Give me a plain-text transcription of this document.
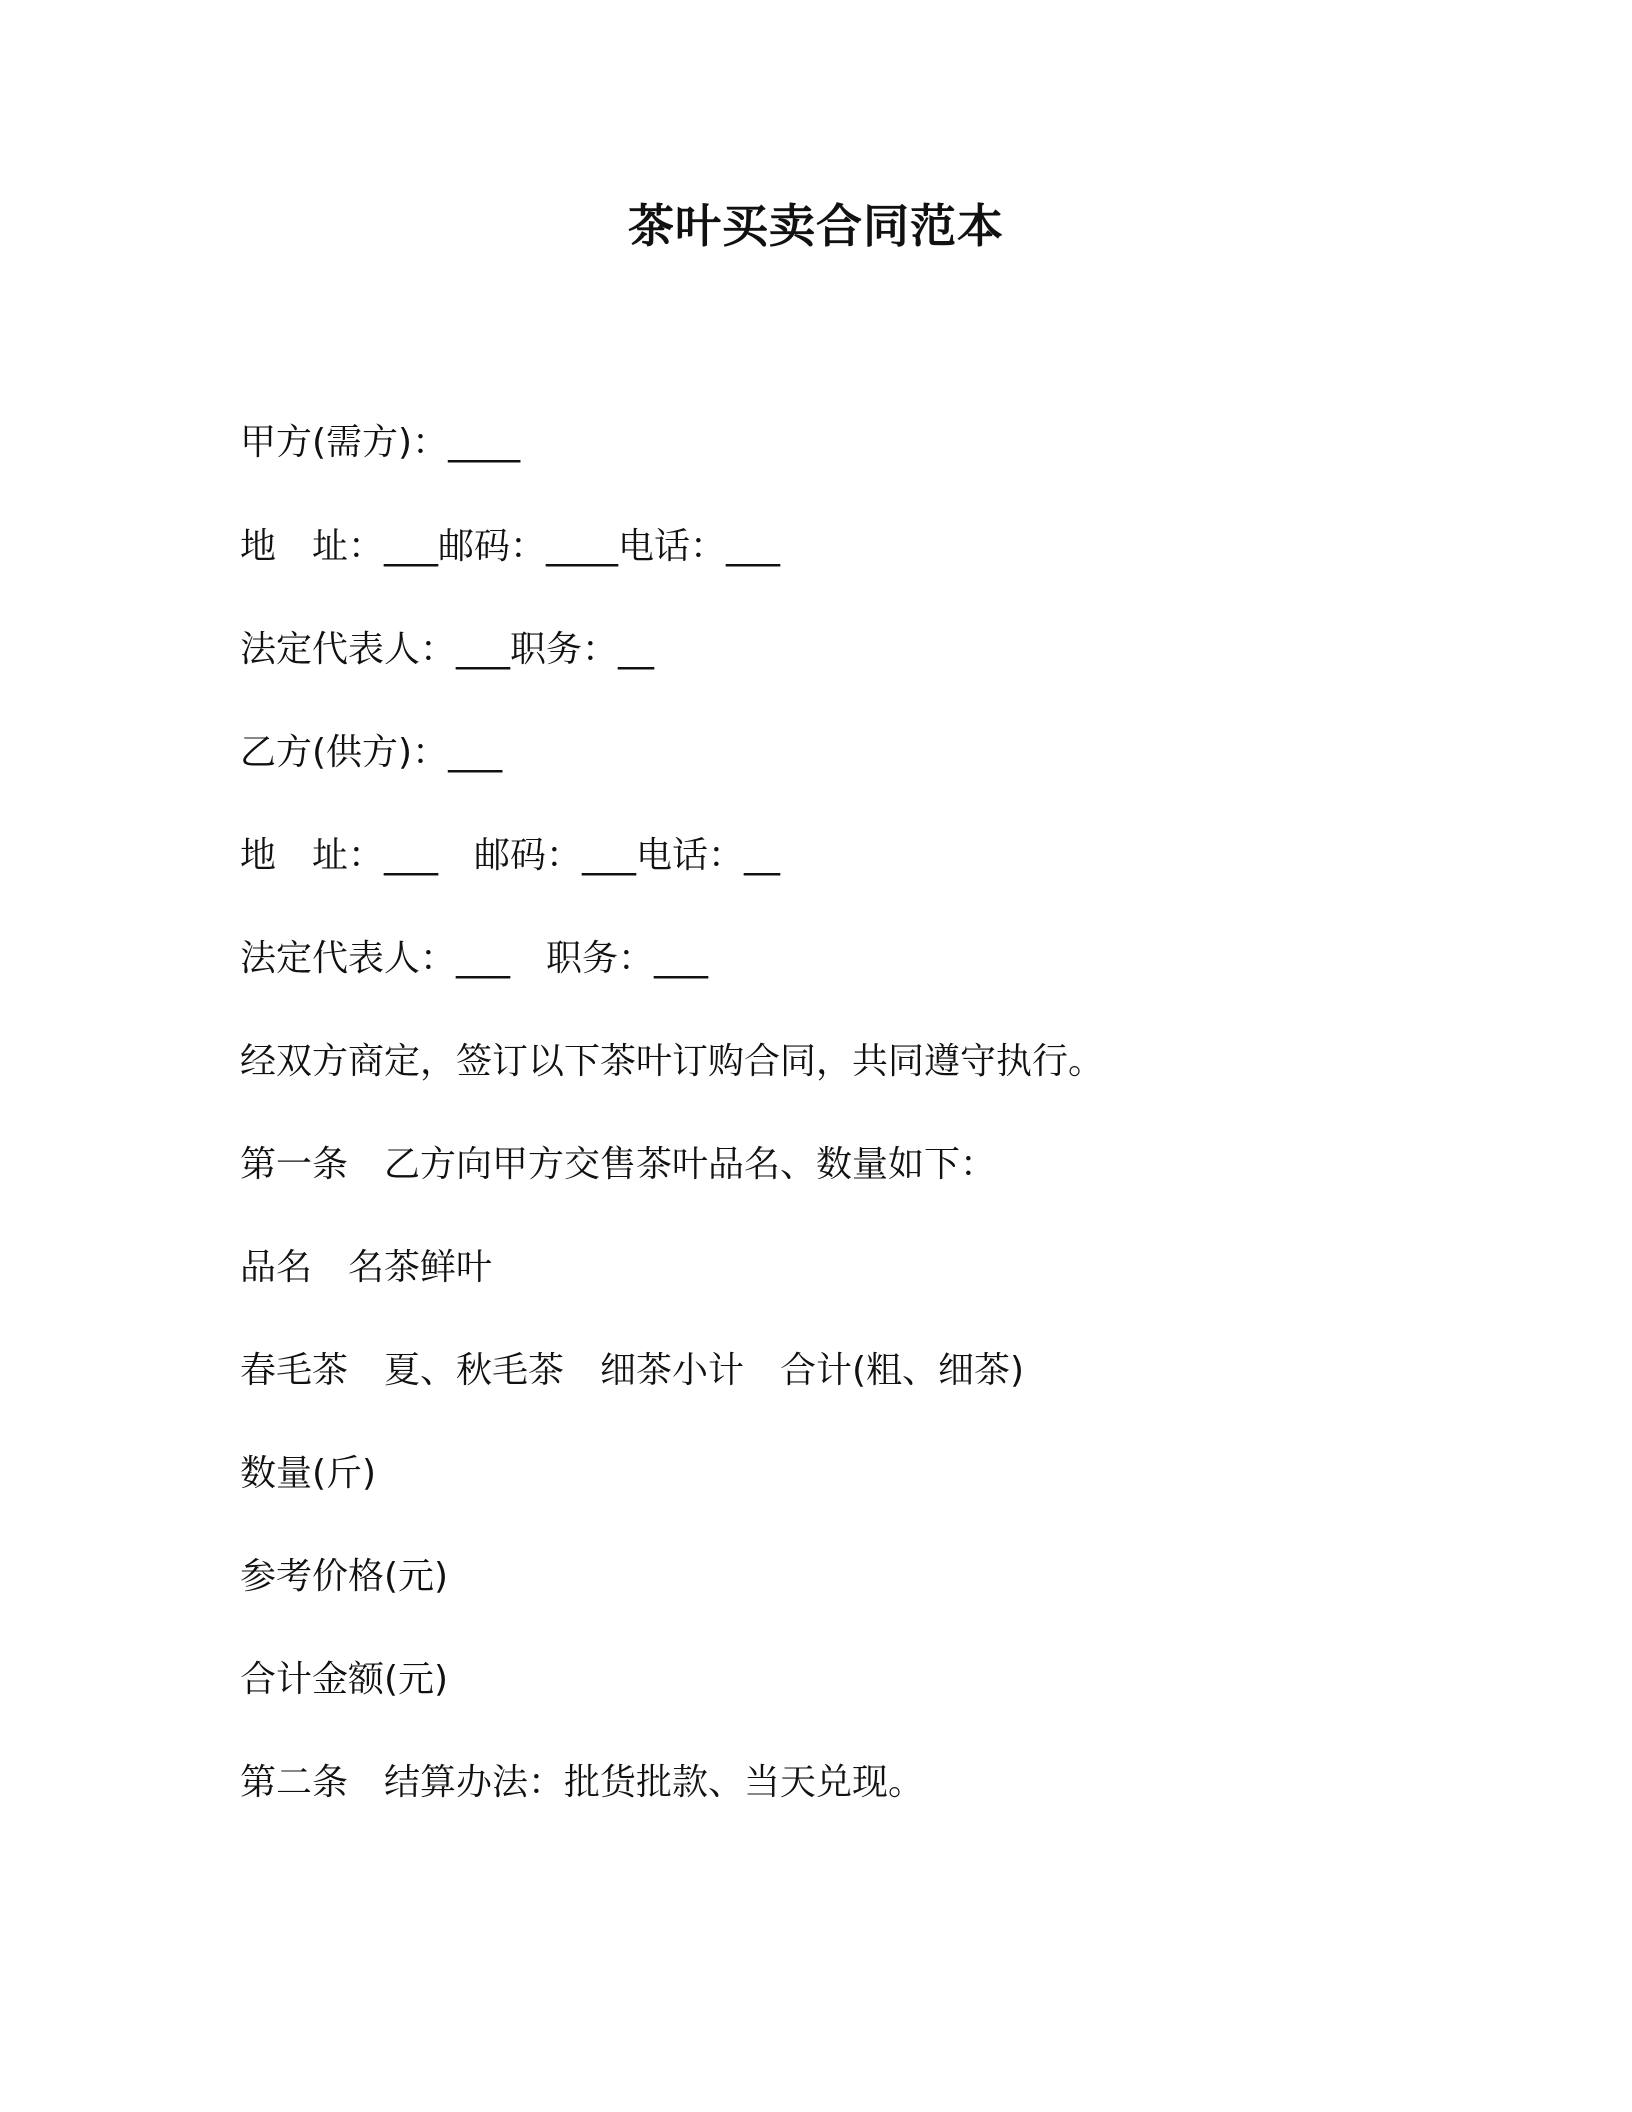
茶叶买卖合同范本
甲方(需方)：____
地　址：___邮码：____电话：___
法定代表人：___职务：__
乙方(供方)：___
地　址：___　邮码：___电话：__
法定代表人：___　职务：___
经双方商定，签订以下茶叶订购合同，共同遵守执行。
第一条　乙方向甲方交售茶叶品名、数量如下：
品名　名茶鲜叶
春毛茶　夏、秋毛茶　细茶小计　合计(粗、细茶)
数量(斤)
参考价格(元)
合计金额(元)
第二条　结算办法：批货批款、当天兑现。
